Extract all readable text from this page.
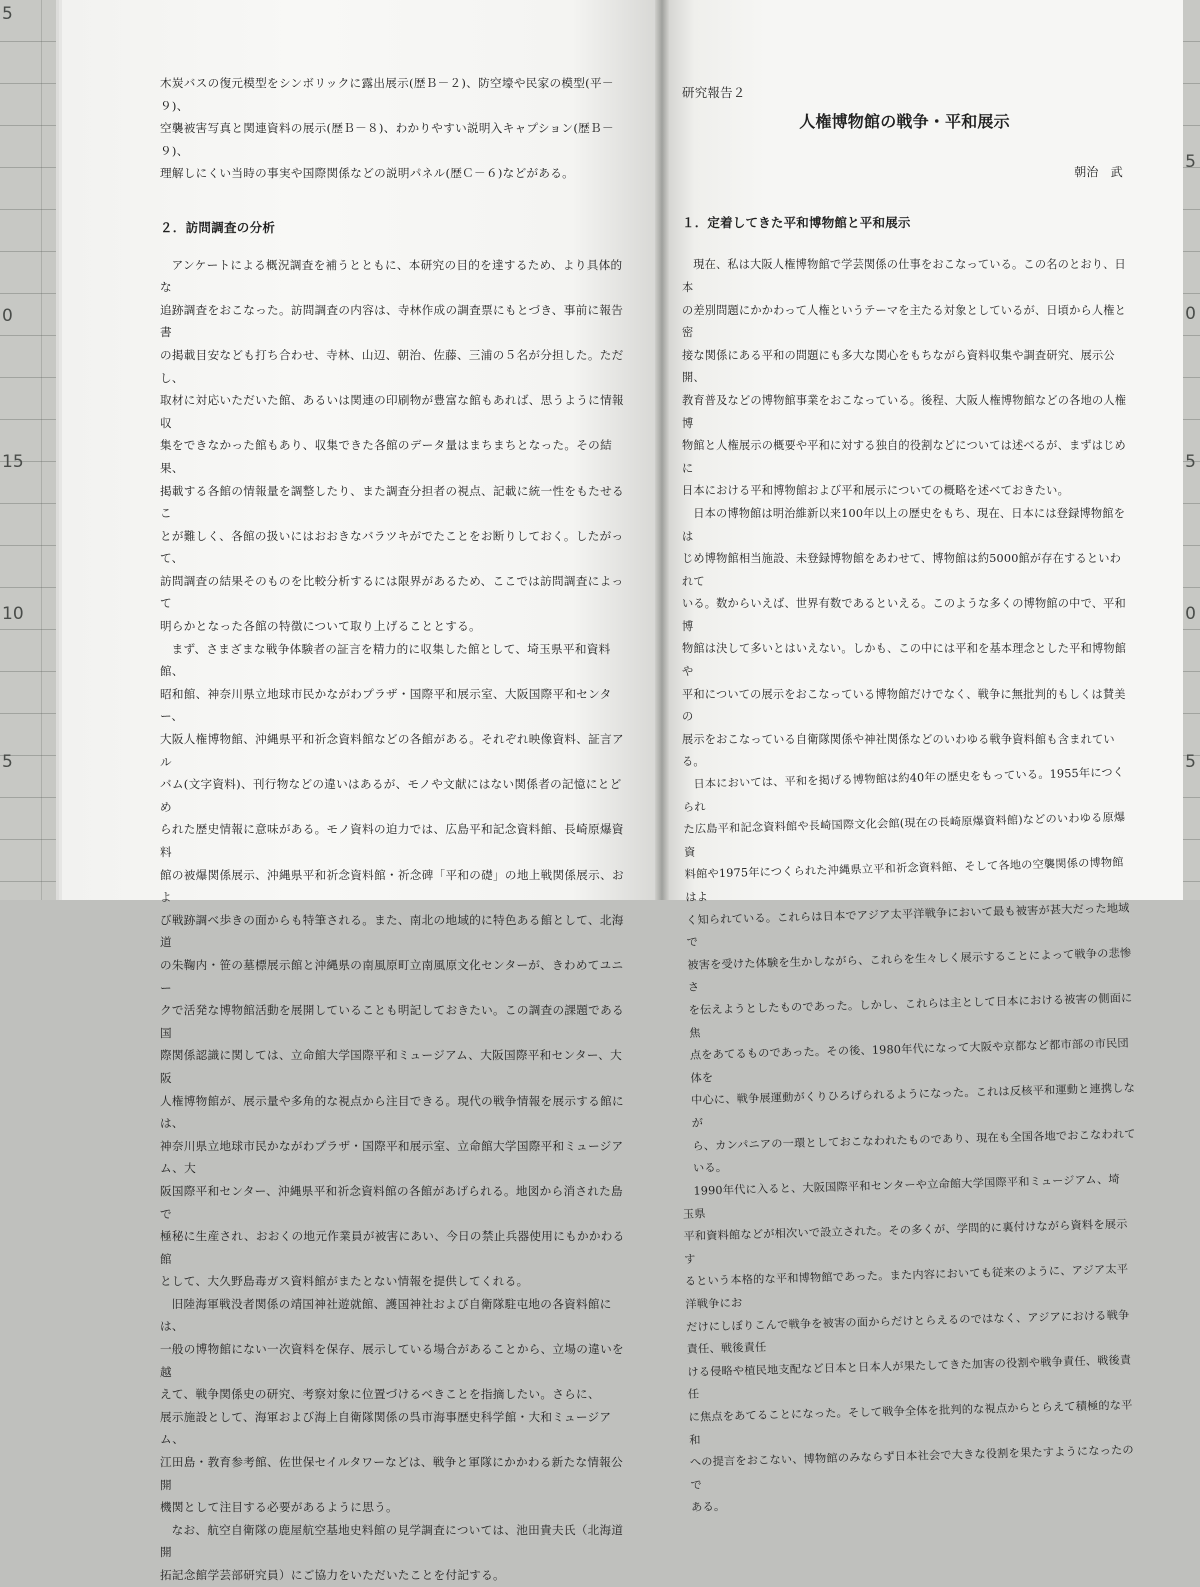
5
0
15
10
5
5
0
5
0
5

木炭バスの復元模型をシンボリックに露出展示(歴Ｂ－２)、防空壕や民家の模型(平－９)、

空襲被害写真と関連資料の展示(歴Ｂ－８)、わかりやすい説明入キャプション(歴Ｂ－９)、

理解しにくい当時の事実や国際関係などの説明パネル(歴Ｃ－６)などがある。

２．訪問調査の分析

アンケートによる概況調査を補うとともに、本研究の目的を達するため、より具体的な

追跡調査をおこなった。訪問調査の内容は、寺林作成の調査票にもとづき、事前に報告書

の掲載目安なども打ち合わせ、寺林、山辺、朝治、佐藤、三浦の５名が分担した。ただし、

取材に対応いただいた館、あるいは関連の印刷物が豊富な館もあれば、思うように情報収

集をできなかった館もあり、収集できた各館のデータ量はまちまちとなった。その結果、

掲載する各館の情報量を調整したり、また調査分担者の視点、記載に統一性をもたせるこ

とが難しく、各館の扱いにはおおきなバラツキがでたことをお断りしておく。したがって、

訪問調査の結果そのものを比較分析するには限界があるため、ここでは訪問調査によって

明らかとなった各館の特徴について取り上げることとする。

まず、さまざまな戦争体験者の証言を精力的に収集した館として、埼玉県平和資料館、

昭和館、神奈川県立地球市民かながわプラザ・国際平和展示室、大阪国際平和センター、

大阪人権博物館、沖縄県平和祈念資料館などの各館がある。それぞれ映像資料、証言アル

バム(文字資料)、刊行物などの違いはあるが、モノや文献にはない関係者の記憶にとどめ

られた歴史情報に意味がある。モノ資料の迫力では、広島平和記念資料館、長崎原爆資料

館の被爆関係展示、沖縄県平和祈念資料館・祈念碑「平和の礎」の地上戦関係展示、およ

び戦跡調べ歩きの面からも特筆される。また、南北の地域的に特色ある館として、北海道

の朱鞠内・笹の墓標展示館と沖縄県の南風原町立南風原文化センターが、きわめてユニー

クで活発な博物館活動を展開していることも明記しておきたい。この調査の課題である国

際関係認識に関しては、立命館大学国際平和ミュージアム、大阪国際平和センター、大阪

人権博物館が、展示量や多角的な視点から注目できる。現代の戦争情報を展示する館には、

神奈川県立地球市民かながわプラザ・国際平和展示室、立命館大学国際平和ミュージアム、大

阪国際平和センター、沖縄県平和祈念資料館の各館があげられる。地図から消された島で

極秘に生産され、おおくの地元作業員が被害にあい、今日の禁止兵器使用にもかかわる館

として、大久野島毒ガス資料館がまたとない情報を提供してくれる。

旧陸海軍戦没者関係の靖国神社遊就館、護国神社および自衛隊駐屯地の各資料館には、

一般の博物館にない一次資料を保存、展示している場合があることから、立場の違いを越

えて、戦争関係史の研究、考察対象に位置づけるべきことを指摘したい。さらに、

展示施設として、海軍および海上自衛隊関係の呉市海事歴史科学館・大和ミュージアム、

江田島・教育参考館、佐世保セイルタワーなどは、戦争と軍隊にかかわる新たな情報公開

機関として注目する必要があるように思う。

なお、航空自衛隊の鹿屋航空基地史料館の見学調査については、池田貴夫氏（北海道開

拓記念館学芸部研究員）にご協力をいただいたことを付記する。

研究報告２
人権博物館の戦争・平和展示
朝治　武
１．定着してきた平和博物館と平和展示

現在、私は大阪人権博物館で学芸関係の仕事をおこなっている。この名のとおり、日本

の差別問題にかかわって人権というテーマを主たる対象としているが、日頃から人権と密

接な関係にある平和の問題にも多大な関心をもちながら資料収集や調査研究、展示公開、

教育普及などの博物館事業をおこなっている。後程、大阪人権博物館などの各地の人権博

物館と人権展示の概要や平和に対する独自的役割などについては述べるが、まずはじめに

日本における平和博物館および平和展示についての概略を述べておきたい。

日本の博物館は明治維新以来100年以上の歴史をもち、現在、日本には登録博物館をは

じめ博物館相当施設、未登録博物館をあわせて、博物館は約5000館が存在するといわれて

いる。数からいえば、世界有数であるといえる。このような多くの博物館の中で、平和博

物館は決して多いとはいえない。しかも、この中には平和を基本理念とした平和博物館や

平和についての展示をおこなっている博物館だけでなく、戦争に無批判的もしくは賛美の

展示をおこなっている自衛隊関係や神社関係などのいわゆる戦争資料館も含まれている。

日本においては、平和を掲げる博物館は約40年の歴史をもっている。1955年につくられ

た広島平和記念資料館や長崎国際文化会館(現在の長崎原爆資料館)などのいわゆる原爆資

料館や1975年につくられた沖縄県立平和祈念資料館、そして各地の空襲関係の博物館はよ

く知られている。これらは日本でアジア太平洋戦争において最も被害が甚大だった地域で

被害を受けた体験を生かしながら、これらを生々しく展示することによって戦争の悲惨さ

を伝えようとしたものであった。しかし、これらは主として日本における被害の側面に焦

点をあてるものであった。その後、1980年代になって大阪や京都など都市部の市民団体を

中心に、戦争展運動がくりひろげられるようになった。これは反核平和運動と連携しなが

ら、カンパニアの一環としておこなわれたものであり、現在も全国各地でおこなわれている。

1990年代に入ると、大阪国際平和センターや立命館大学国際平和ミュージアム、埼玉県

平和資料館などが相次いで設立された。その多くが、学問的に裏付けながら資料を展示す

るという本格的な平和博物館であった。また内容においても従来のように、アジア太平洋戦争にお

だけにしぼりこんで戦争を被害の面からだけとらえるのではなく、アジアにおける戦争責任、戦後責任

ける侵略や植民地支配など日本と日本人が果たしてきた加害の役割や戦争責任、戦後責任

に焦点をあてることになった。そして戦争全体を批判的な視点からとらえて積極的な平和

への提言をおこない、博物館のみならず日本社会で大きな役割を果たすようになったので

ある。
